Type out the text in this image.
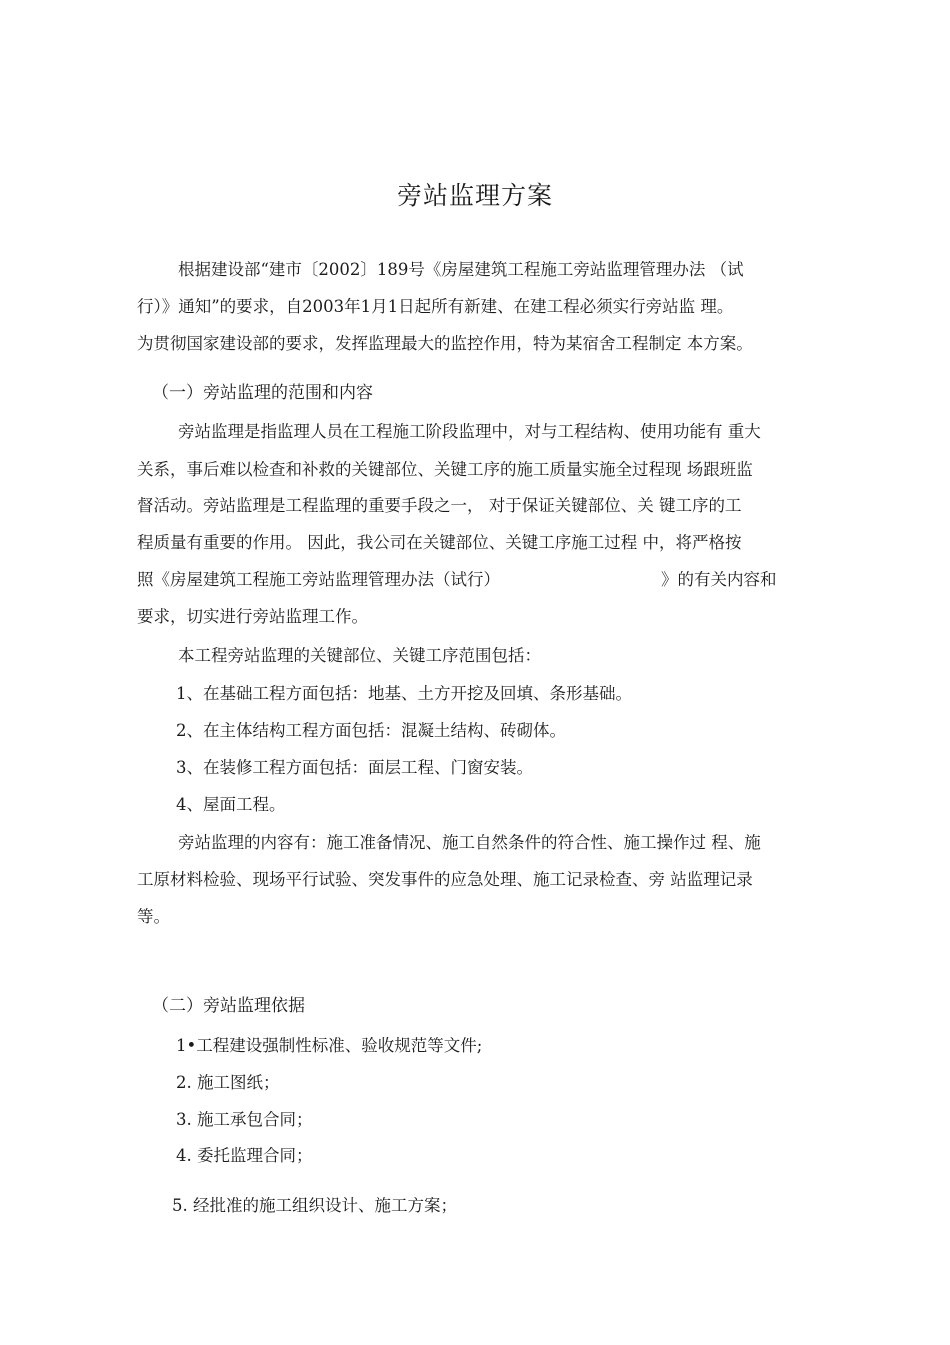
旁站监理方案
根据建设部“建市〔2002〕189号《房屋建筑工程施工旁站监理管理办法 （试
行）》通知”的要求，自2003年1月1日起所有新建、在建工程必须实行旁站监 理。
为贯彻国家建设部的要求，发挥监理最大的监控作用，特为某宿舍工程制定 本方案。
（一）旁站监理的范围和内容
旁站监理是指监理人员在工程施工阶段监理中，对与工程结构、使用功能有 重大
关系，事后难以检查和补救的关键部位、关键工序的施工质量实施全过程现 场跟班监
督活动。旁站监理是工程监理的重要手段之一， 对于保证关键部位、关 键工序的工
程质量有重要的作用。 因此，我公司在关键部位、关键工序施工过程 中，将严格按
照《房屋建筑工程施工旁站监理管理办法（试行）	》的有关内容和
要求，切实进行旁站监理工作。
本工程旁站监理的关键部位、关键工序范围包括：
1、在基础工程方面包括：地基、土方开挖及回填、条形基础。
2、在主体结构工程方面包括：混凝土结构、砖砌体。
3、在装修工程方面包括：面层工程、门窗安装。
4、屋面工程。
旁站监理的内容有：施工准备情况、施工自然条件的符合性、施工操作过 程、施
工原材料检验、现场平行试验、突发事件的应急处理、施工记录检查、旁 站监理记录
等。
（二）旁站监理依据
1•工程建设强制性标准、验收规范等文件;
2. 施工图纸；
3. 施工承包合同；
4. 委托监理合同；
5. 经批准的施工组织设计、施工方案；
